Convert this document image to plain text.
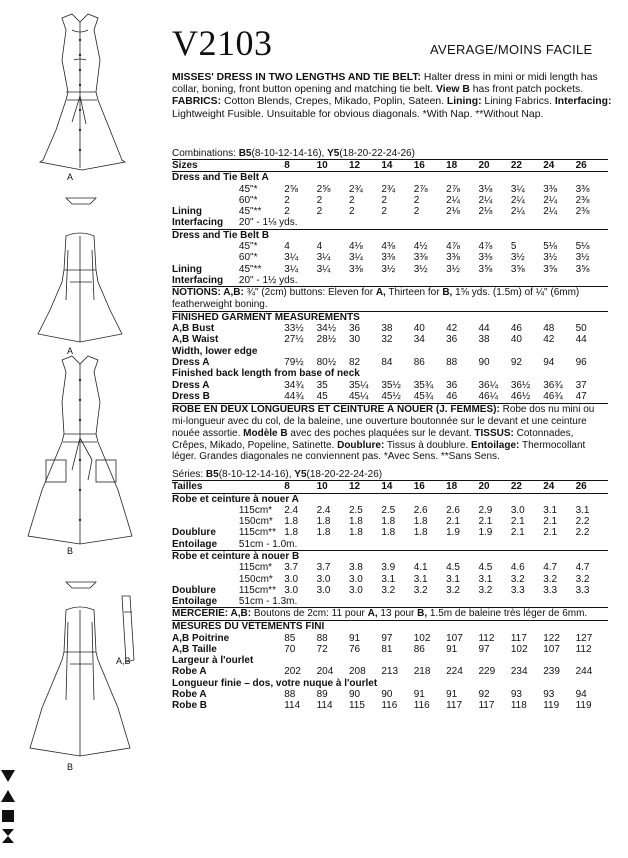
A
A
B
A,B
B
V2103	AVERAGE/MOINS FACILE
MISSES' DRESS IN TWO LENGTHS AND TIE BELT: Halter dress in mini or midi length has collar, boning, front button opening and matching tie belt. View B has front patch pockets. FABRICS: Cotton Blends, Crepes, Mikado, Poplin, Sateen. Lining: Lining Fabrics. Interfacing: Lightweight Fusible. Unsuitable for obvious diagonals. *With Nap. **Without Nap.
Combinations: B5(8-10-12-14-16), Y5(18-20-22-24-26)
Sizes		8	10	12	14	16	18	20	22	24	26
Dress and Tie Belt A											
	45"*	2⅝	2⅝	2¾	2¾	2⅞	2⅞	3⅛	3¼	3⅜	3⅜
	60"*	2	2	2	2	2	2¼	2¼	2¼	2¼	2⅜
Lining	45"**	2	2	2	2	2	2⅛	2⅛	2¼	2¼	2⅜
Interfacing	20" - 1⅛ yds.										
Dress and Tie Belt B											
	45"*	4	4	4⅛	4⅜	4½	4⅞	4⅞	5	5⅛	5⅛
	60"*	3¼	3¼	3¼	3⅜	3⅜	3⅜	3⅜	3½	3½	3½
Lining	45"**	3¼	3¼	3⅜	3½	3½	3½	3⅝	3⅝	3⅝	3⅝
Interfacing	20" - 1½ yds.										
NOTIONS: A,B: ¾" (2cm) buttons: Eleven for A, Thirteen for B, 1⅝ yds. (1.5m) of ¼" (6mm) featherweight boning.
FINISHED GARMENT MEASUREMENTS										
A,B Bust	33½	34½	36	38	40	42	44	46	48	50
A,B Waist	27½	28½	30	32	34	36	38	40	42	44
Width, lower edge										
Dress A	79½	80½	82	84	86	88	90	92	94	96
Finished back length from base of neck										
Dress A	34¾	35	35¼	35½	35¾	36	36¼	36½	36¾	37
Dress B	44¾	45	45¼	45½	45¾	46	46¼	46½	46¾	47
ROBE EN DEUX LONGUEURS ET CEINTURE À NOUER (J. FEMMES): Robe dos nu mini ou mi-longueur avec du col, de la baleine, une ouverture boutonnée sur le devant et une ceinture nouée assortie. Modèle B avec des poches plaquées sur le devant. TISSUS: Cotonnades, Crêpes, Mikado, Popeline, Satinette. Doublure: Tissus à doublure. Entoilage: Thermocollant léger. Grandes diagonales ne conviennent pas. *Avec Sens. **Sans Sens.
Séries: B5(8-10-12-14-16), Y5(18-20-22-24-26)
Tailles		8	10	12	14	16	18	20	22	24	26
Robe et ceinture à nouer A											
	115cm*	2.4	2.4	2.5	2.5	2.6	2.6	2.9	3.0	3.1	3.1
	150cm*	1.8	1.8	1.8	1.8	1.8	2.1	2.1	2.1	2.1	2.2
Doublure	115cm**	1.8	1.8	1.8	1.8	1.8	1.9	1.9	2.1	2.1	2.2
Entoilage	51cm - 1.0m.										
Robe et ceinture à nouer B											
	115cm*	3.7	3.7	3.8	3.9	4.1	4.5	4.5	4.6	4.7	4.7
	150cm*	3.0	3.0	3.0	3.1	3.1	3.1	3.1	3.2	3.2	3.2
Doublure	115cm**	3.0	3.0	3.0	3.2	3.2	3.2	3.2	3.3	3.3	3.3
Entoilage	51cm - 1.3m.										
MERCERIE: A,B: Boutons de 2cm: 11 pour A, 13 pour B, 1.5m de baleine très léger de 6mm.
MESURES DU VÊTEMENTS FINI										
A,B Poitrine	85	88	91	97	102	107	112	117	122	127
A,B Taille	70	72	76	81	86	91	97	102	107	112
Largeur à l'ourlet										
Robe A	202	204	208	213	218	224	229	234	239	244
Longueur finie – dos, votre nuque à l'ourlet										
Robe A	88	89	90	90	91	91	92	93	93	94
Robe B	114	114	115	116	116	117	117	118	119	119
